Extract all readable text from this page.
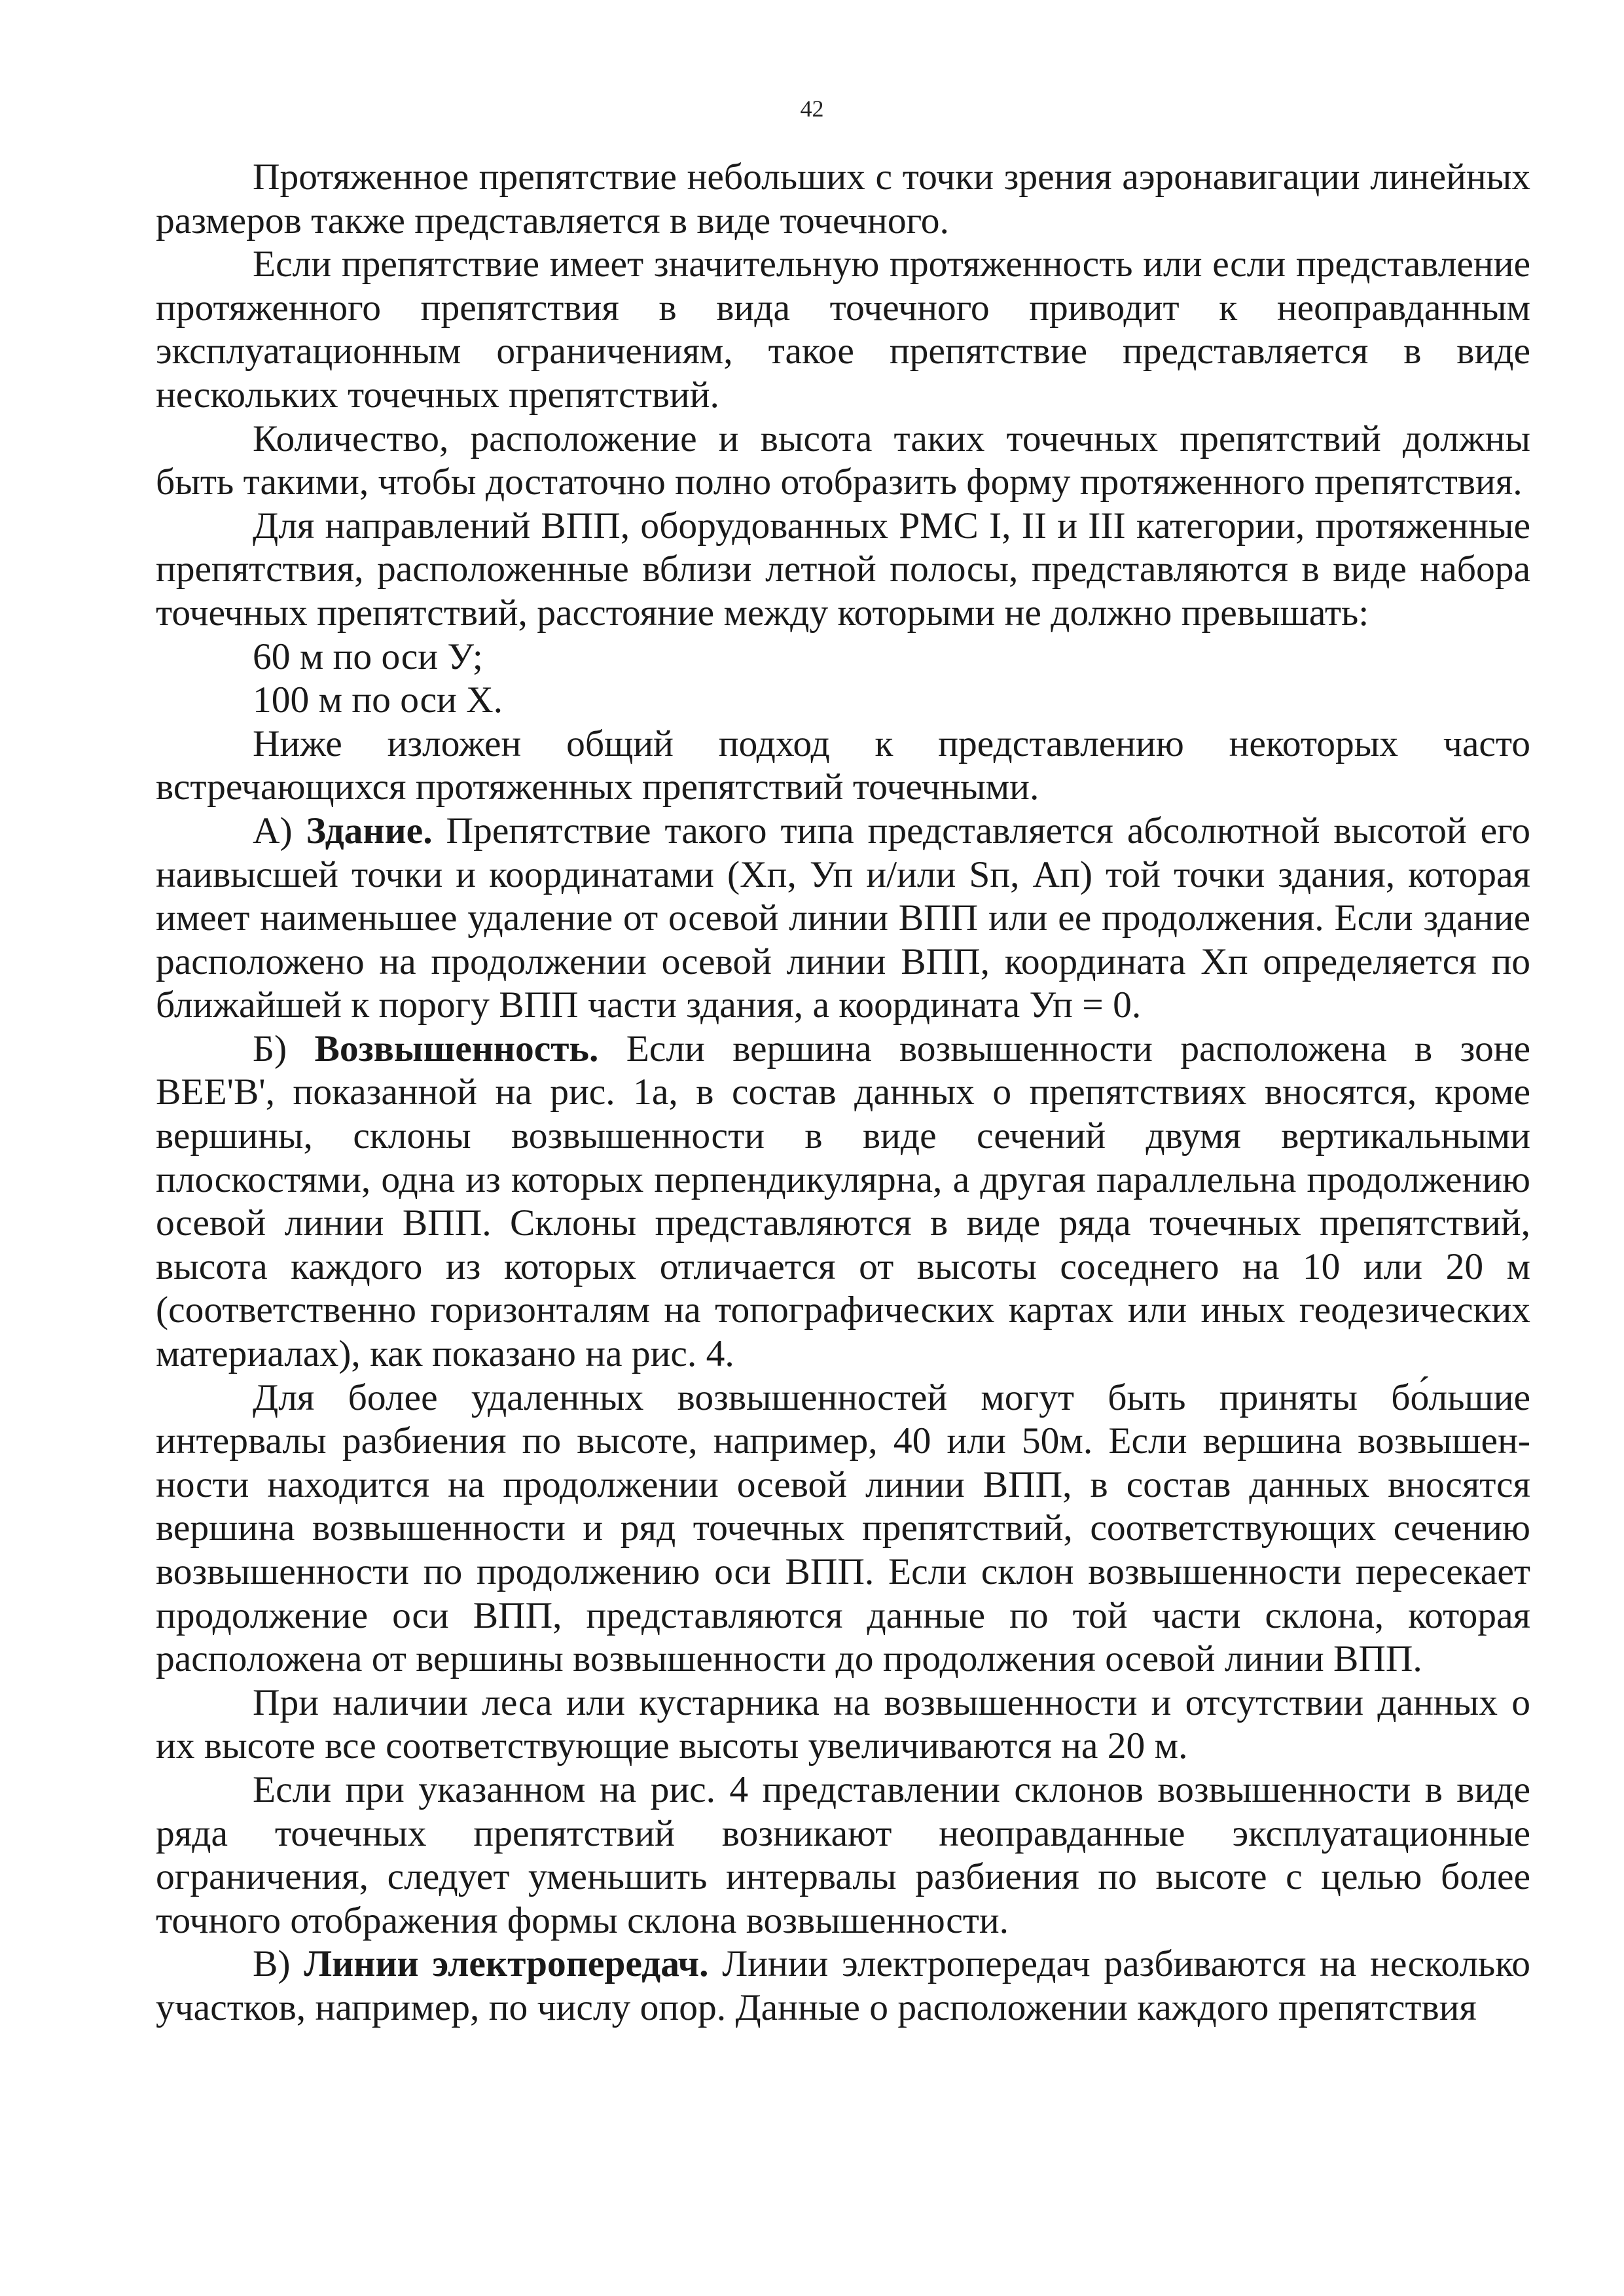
42

Протяженное препятствие небольших с точки зрения аэронавигации линейных размеров также представляется в виде точечного.

Если препятствие имеет значительную протяженность или если представление протяженного препятствия в вида точечного приводит к неоправданным эксплуатационным ограничениям, такое препятствие представляется в виде нескольких точечных препятствий.

Количество, расположение и высота таких точечных препятствий должны быть такими, чтобы достаточно полно отобразить форму протяженного препятствия.

Для направлений ВПП, оборудованных РМС I, II и III категории, протяженные препятствия, расположенные вблизи летной полосы, представляются в виде набора точечных препятствий, расстояние между которыми не должно превышать:

60 м по оси У;

100 м по оси Х.

Ниже изложен общий подход к представлению некоторых часто встречающихся протяженных препятствий точечными.

А) Здание. Препятствие такого типа представляется абсолютной высотой его наивысшей точки и координатами (Хп, Уп и/или Sп, Ап) той точки здания, которая имеет наименьшее удаление от осевой линии ВПП или ее продолжения. Если здание расположено на продолжении осевой линии ВПП, координата Хп определяется по ближайшей к порогу ВПП части здания, а координата Уп = 0.

Б) Возвышенность. Если вершина возвышенности расположена в зоне ВЕЕ'В', показанной на рис. 1а, в состав данных о препятствиях вносятся, кроме вершины, склоны возвышенности в виде сечений двумя вертикальными плоскостями, одна из которых перпендикулярна, а другая параллельна продолжению осевой линии ВПП. Склоны представляются в виде ряда точечных препятствий, высота каждого из которых отличается от высоты соседнего на 10 или 20 м (соответственно горизонталям на топографических картах или иных геодезических материалах), как показано на рис. 4.

Для более удаленных возвышенностей могут быть приняты бо́льшие интервалы разбиения по высоте, например, 40 или 50м. Если вершина возвышен-ности находится на продолжении осевой линии ВПП, в состав данных вносятся вершина возвышенности и ряд точечных препятствий, соответствующих сечению возвышенности по продолжению оси ВПП. Если склон возвышенности пересекает продолжение оси ВПП, представляются данные по той части склона, которая расположена от вершины возвышенности до продолжения осевой линии ВПП.

При наличии леса или кустарника на возвышенности и отсутствии данных о их высоте все соответствующие высоты увеличиваются на 20 м.

Если при указанном на рис. 4 представлении склонов возвышенности в виде ряда точечных препятствий возникают неоправданные эксплуатационные ограничения, следует уменьшить интервалы разбиения по высоте с целью более точного отображения формы склона возвышенности.

В) Линии электропередач. Линии электропередач разбиваются на несколько участков, например, по числу опор. Данные о расположении каждого препятствия
